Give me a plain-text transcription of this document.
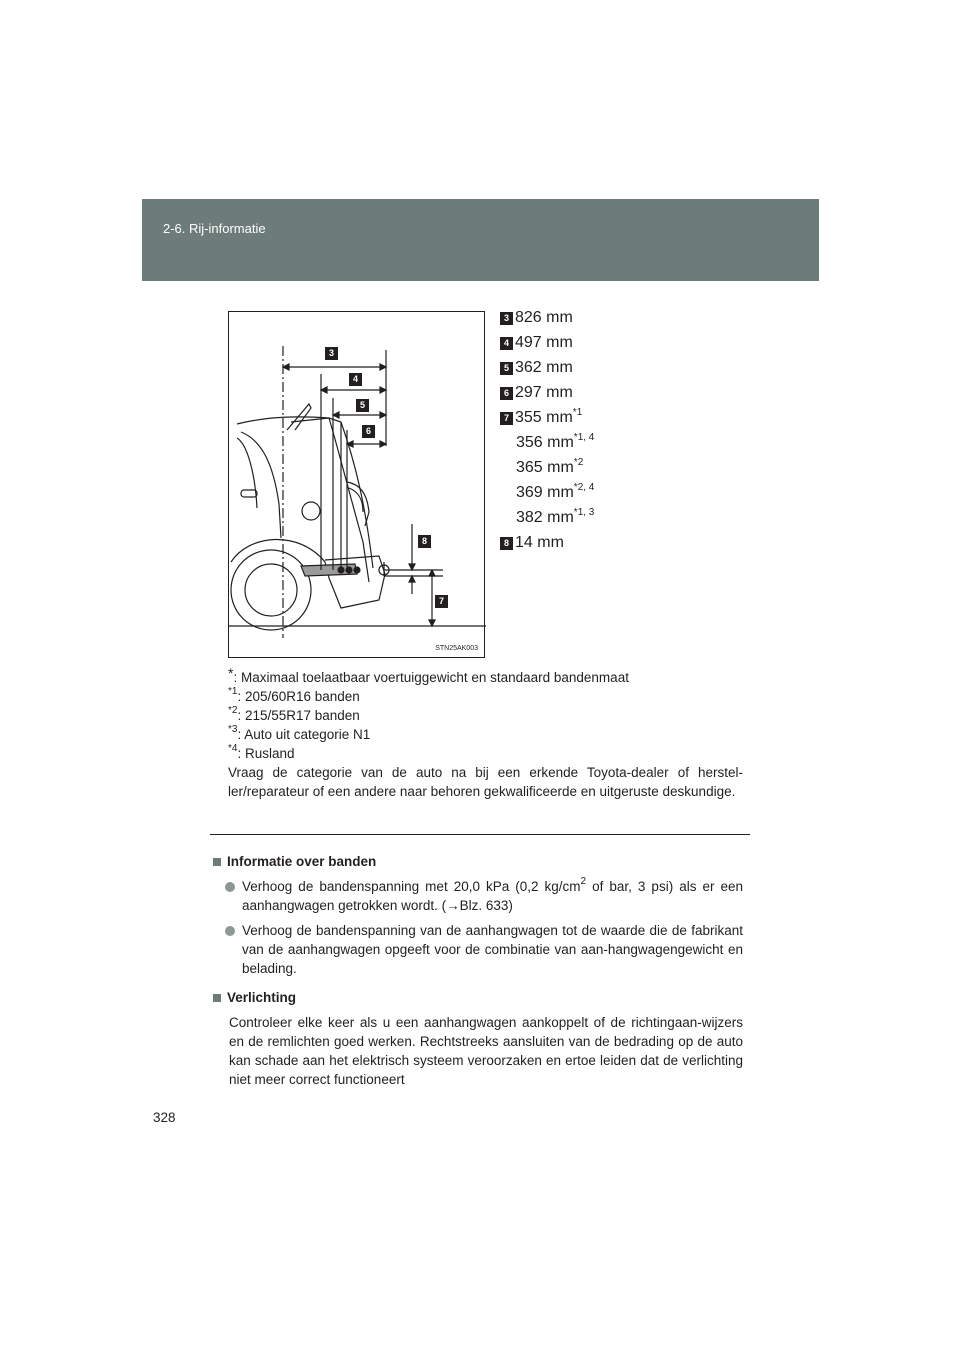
2-6. Rij-informatie
3
4
5
6
8
7
STN25AK003
3 826 mm
4 497 mm
5 362 mm
6 297 mm
7 355 $mm^{*1}$
356 mm$^{*1, 4}$
365 $mm^{*2}$
369 mm$^{*2, 4}$
382 mm$^{*1, 3}$
8 14 mm

*: Maximaal toelaatbaar voertuiggewicht en standaard bandenmaat

$^{*1}$: 205/60R16 banden

$^{*2}$: 215/55R17 banden

$^{*3}$: Auto uit categorie N1

$^{*4}$: Rusland

Vraag de categorie van de auto na bij een erkende Toyota-dealer of herstel-ler/reparateur of een andere naar behoren gekwalificeerde en uitgeruste deskundige.

Informatie over banden
Verhoog de bandenspanning met 20,0 kPa (0,2 $kg/cm^2$ of bar, 3 psi) als er een aanhangwagen getrokken wordt. (→Blz. 633)
Verhoog de bandenspanning van de aanhangwagen tot de waarde die de fabrikant van de aanhangwagen opgeeft voor de combinatie van aan-hangwagengewicht en belading.
Verlichting

Controleer elke keer als u een aanhangwagen aankoppelt of de richtingaan-wijzers en de remlichten goed werken. Rechtstreeks aansluiten van de bedrading op de auto kan schade aan het elektrisch systeem veroorzaken en ertoe leiden dat de verlichting niet meer correct functioneert

328
